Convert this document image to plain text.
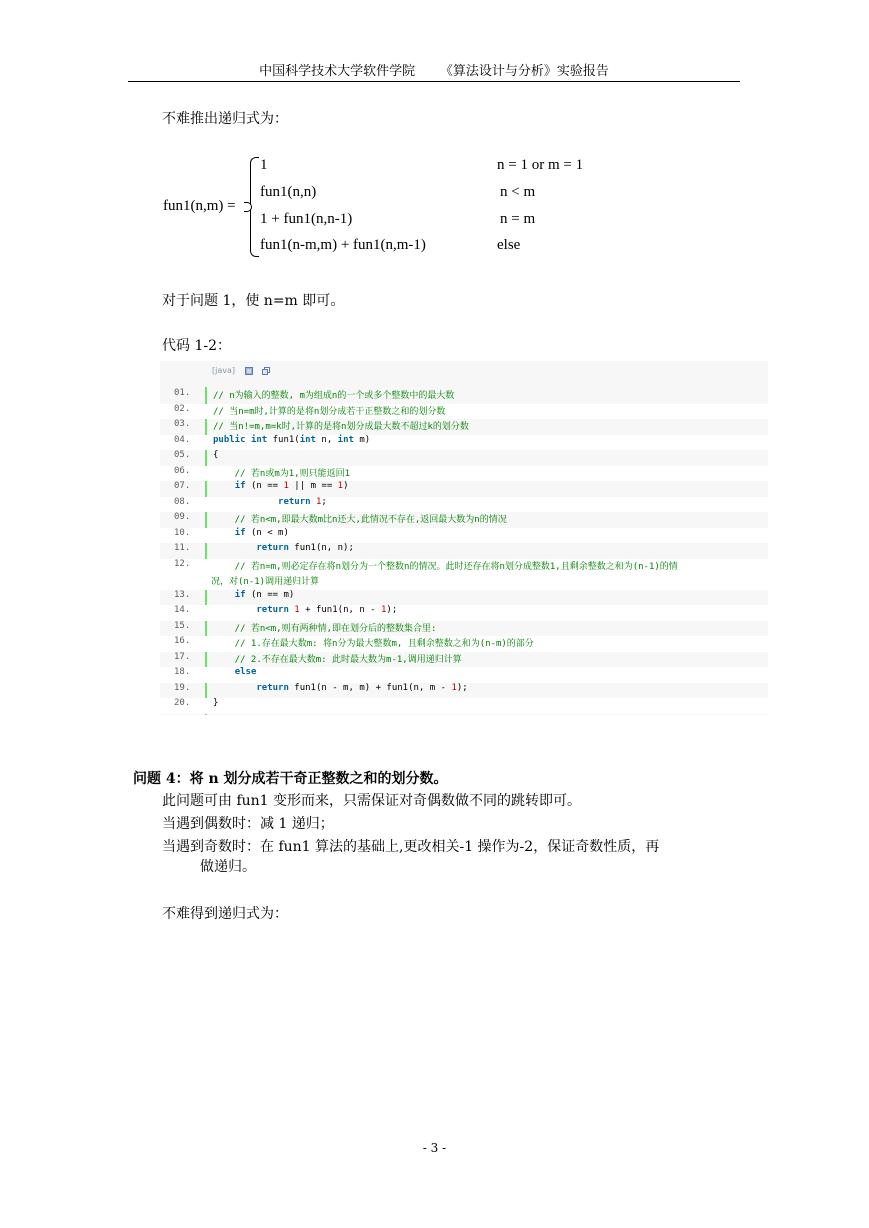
中国科学技术大学软件学院 《算法设计与分析》实验报告
不难推出递归式为：
fun1(n,m) =
1	n = 1 or m = 1
fun1(n,n)	n < m
1 + fun1(n,n-1)	n = m
fun1(n-m,m) + fun1(n,m-1)	else
对于问题 1，使 n=m 即可。
代码 1-2：
[java]
01.	// n为输入的整数, m为组成n的一个或多个整数中的最大数
02.	// 当n=m时,计算的是将n划分成若干正整数之和的划分数
03.	// 当n!=m,m=k时,计算的是将n划分成最大数不超过k的划分数
04.	public int fun1(int n, int m)
05.	{
06.	// 若n或m为1,则只能返回1
07.	if (n == 1 || m == 1)
08.	return 1;
09.	// 若n<m,即最大数m比n还大,此情况不存在,返回最大数为n的情况
10.	if (n < m)
11.	return fun1(n, n);
12.	// 若n=m,则必定存在将n划分为一个整数n的情况。此时还存在将n划分成整数1,且剩余整数之和为(n-1)的情
况，对(n-1)调用递归计算
13.	if (n == m)
14.	return 1 + fun1(n, n - 1);
15.	// 若n<m,则有两种情,即在划分后的整数集合里:
16.	// 1.存在最大数m: 将n分为最大整数m, 且剩余整数之和为(n-m)的部分
17.	// 2.不存在最大数m: 此时最大数为m-1,调用递归计算
18.	else
19.	return fun1(n - m, m) + fun1(n, m - 1);
20.	}
问题 4：将 n 划分成若干奇正整数之和的划分数。
此问题可由 fun1 变形而来，只需保证对奇偶数做不同的跳转即可。
当遇到偶数时：减 1 递归；
当遇到奇数时：在 fun1 算法的基础上,更改相关-1 操作为-2，保证奇数性质，再
做递归。
不难得到递归式为：
- 3 -
